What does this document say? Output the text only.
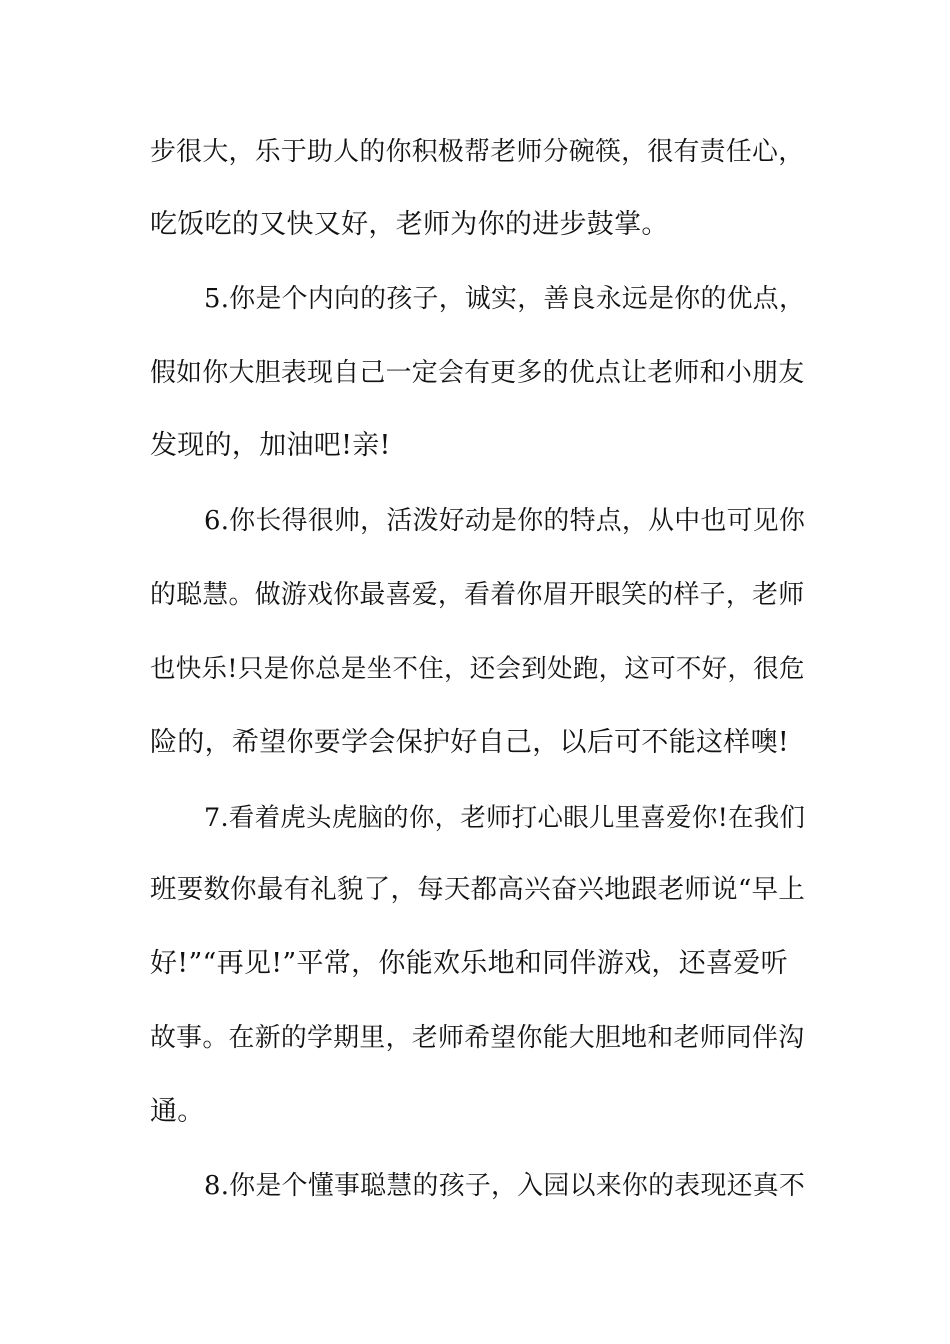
步很大，乐于助人的你积极帮老师分碗筷，很有责任心，
吃饭吃的又快又好，老师为你的进步鼓掌。
5.你是个内向的孩子，诚实，善良永远是你的优点，
假如你大胆表现自己一定会有更多的优点让老师和小朋友
发现的，加油吧!亲!
6.你长得很帅，活泼好动是你的特点，从中也可见你
的聪慧。做游戏你最喜爱，看着你眉开眼笑的样子，老师
也快乐!只是你总是坐不住，还会到处跑，这可不好，很危
险的，希望你要学会保护好自己，以后可不能这样噢!
7.看着虎头虎脑的你，老师打心眼儿里喜爱你!在我们
班要数你最有礼貌了，每天都高兴奋兴地跟老师说“早上
好!”“再见!”平常，你能欢乐地和同伴游戏，还喜爱听
故事。在新的学期里，老师希望你能大胆地和老师同伴沟
通。
8.你是个懂事聪慧的孩子，入园以来你的表现还真不
